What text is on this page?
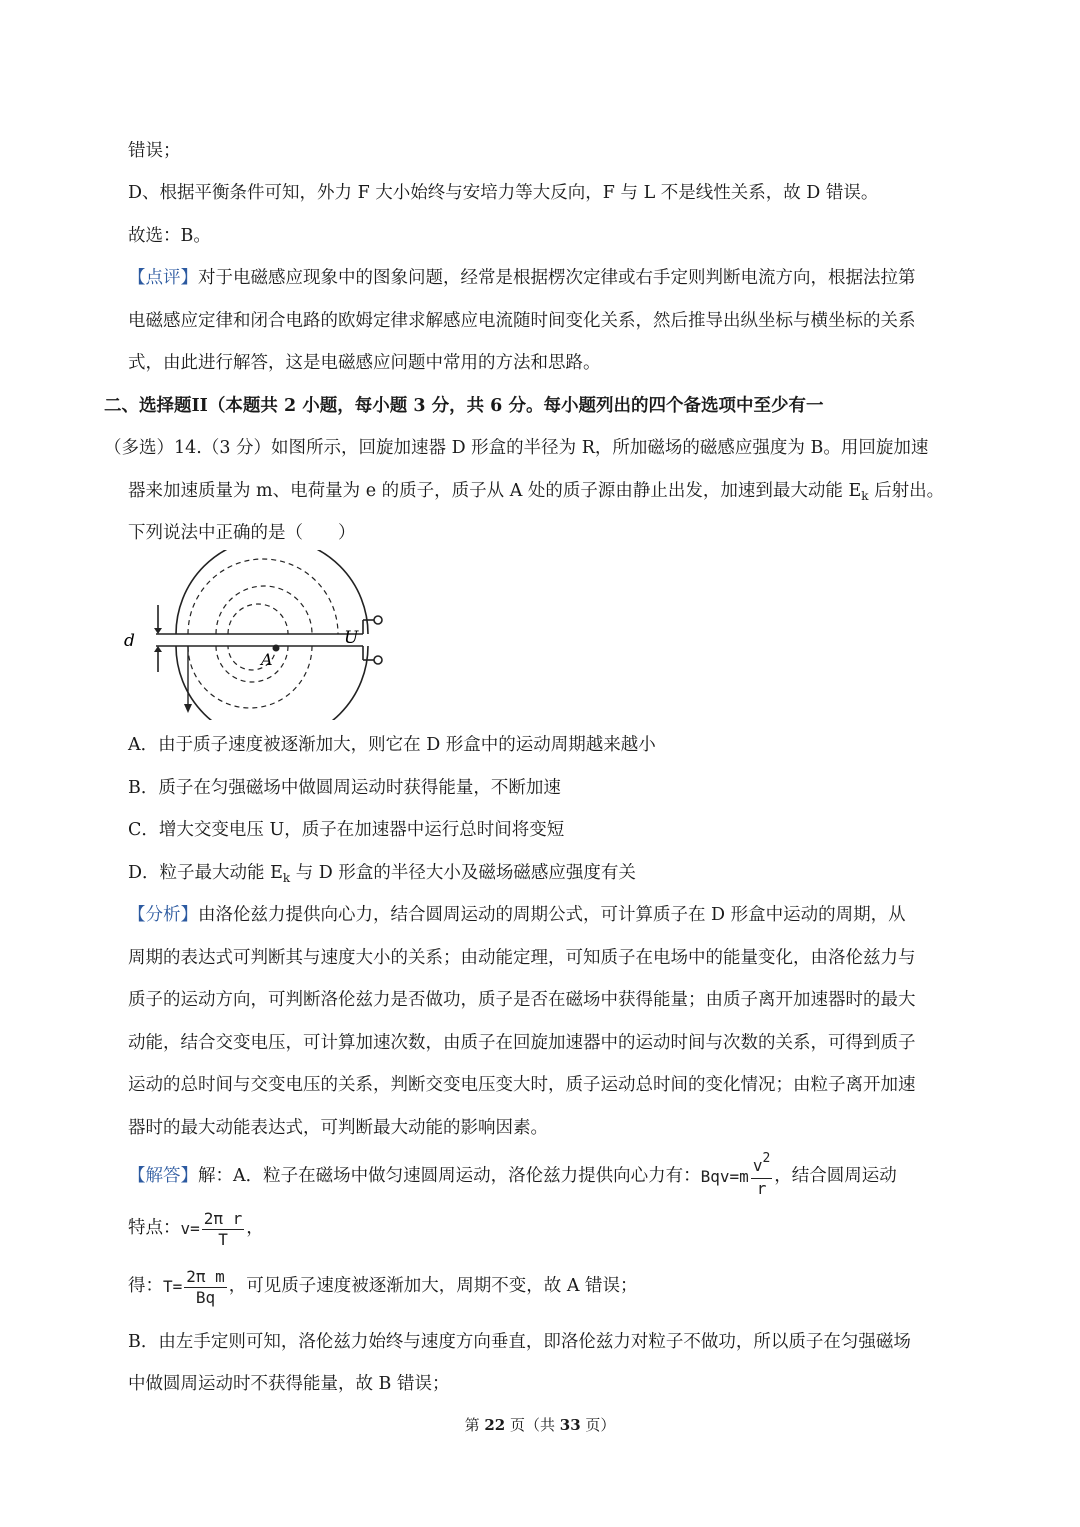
错误；
D、根据平衡条件可知，外力 F 大小始终与安培力等大反向，F 与 L 不是线性关系，故 D 错误。
故选：B。
【点评】对于电磁感应现象中的图象问题，经常是根据楞次定律或右手定则判断电流方向，根据法拉第
电磁感应定律和闭合电路的欧姆定律求解感应电流随时间变化关系，然后推导出纵坐标与横坐标的关系
式，由此进行解答，这是电磁感应问题中常用的方法和思路。
二、选择题II（本题共 2 小题，每小题 3 分，共 6 分。每小题列出的四个备选项中至少有一
（多选）14.（3 分）如图所示，回旋加速器 D 形盒的半径为 R，所加磁场的磁感应强度为 B。用回旋加速
器来加速质量为 m、电荷量为 e 的质子，质子从 A 处的质子源由静止出发，加速到最大动能 $E_k$ 后射出。
下列说法中正确的是（　　）
d	U
A
A．由于质子速度被逐渐加大，则它在 D 形盒中的运动周期越来越小
B．质子在匀强磁场中做圆周运动时获得能量，不断加速
C．增大交变电压 U，质子在加速器中运行总时间将变短
D．粒子最大动能 $E_k$ 与 D 形盒的半径大小及磁场磁感应强度有关
【分析】由洛伦兹力提供向心力，结合圆周运动的周期公式，可计算质子在 D 形盒中运动的周期，从
周期的表达式可判断其与速度大小的关系；由动能定理，可知质子在电场中的能量变化，由洛伦兹力与
质子的运动方向，可判断洛伦兹力是否做功，质子是否在磁场中获得能量；由质子离开加速器时的最大
动能，结合交变电压，可计算加速次数，由质子在回旋加速器中的运动时间与次数的关系，可得到质子
运动的总时间与交变电压的关系，判断交变电压变大时，质子运动总时间的变化情况；由粒子离开加速
器时的最大动能表达式，可判断最大动能的影响因素。
【解答】解：A．粒子在磁场中做匀速圆周运动，洛伦兹力提供向心力有：$Bqv=m \frac{v^2}{r}$ ，结合圆周运动
特点：$v= \frac{\text{2π r}}{T}$ ，
得：$T= \frac{\text{2π m}}{Bq}$ ，可见质子速度被逐渐加大，周期不变，故 A 错误；
B．由左手定则可知，洛伦兹力始终与速度方向垂直，即洛伦兹力对粒子不做功，所以质子在匀强磁场
中做圆周运动时不获得能量，故 B 错误；
第 22 页（共 33 页）
